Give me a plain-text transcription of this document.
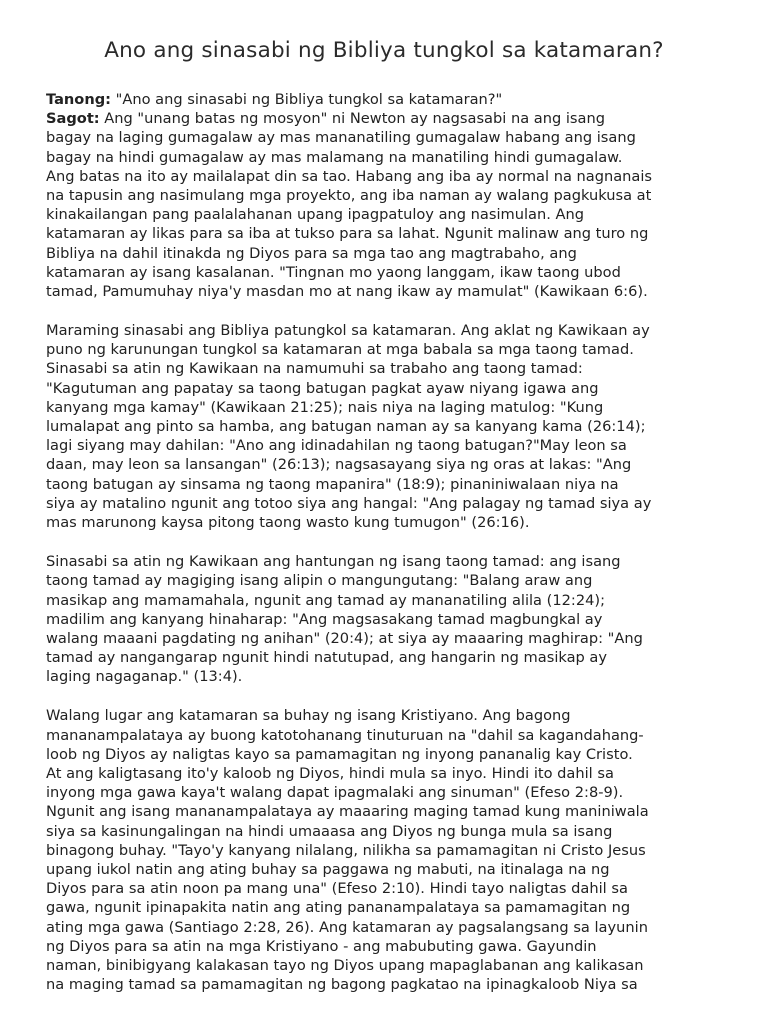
Ano ang sinasabi ng Bibliya tungkol sa katamaran?
Tanong: "Ano ang sinasabi ng Bibliya tungkol sa katamaran?"
Sagot: Ang "unang batas ng mosyon" ni Newton ay nagsasabi na ang isang
bagay na laging gumagalaw ay mas mananatiling gumagalaw habang ang isang
bagay na hindi gumagalaw ay mas malamang na manatiling hindi gumagalaw.
Ang batas na ito ay mailalapat din sa tao. Habang ang iba ay normal na nagnanais
na tapusin ang nasimulang mga proyekto, ang iba naman ay walang pagkukusa at
kinakailangan pang paalalahanan upang ipagpatuloy ang nasimulan. Ang
katamaran ay likas para sa iba at tukso para sa lahat. Ngunit malinaw ang turo ng
Bibliya na dahil itinakda ng Diyos para sa mga tao ang magtrabaho, ang
katamaran ay isang kasalanan. "Tingnan mo yaong langgam, ikaw taong ubod
tamad, Pamumuhay niya'y masdan mo at nang ikaw ay mamulat" (Kawikaan 6:6).
Maraming sinasabi ang Bibliya patungkol sa katamaran. Ang aklat ng Kawikaan ay
puno ng karunungan tungkol sa katamaran at mga babala sa mga taong tamad.
Sinasabi sa atin ng Kawikaan na namumuhi sa trabaho ang taong tamad:
"Kagutuman ang papatay sa taong batugan pagkat ayaw niyang igawa ang
kanyang mga kamay" (Kawikaan 21:25); nais niya na laging matulog: "Kung
lumalapat ang pinto sa hamba, ang batugan naman ay sa kanyang kama (26:14);
lagi siyang may dahilan: "Ano ang idinadahilan ng taong batugan?"May leon sa
daan, may leon sa lansangan" (26:13); nagsasayang siya ng oras at lakas: "Ang
taong batugan ay sinsama ng taong mapanira" (18:9); pinaniniwalaan niya na
siya ay matalino ngunit ang totoo siya ang hangal: "Ang palagay ng tamad siya ay
mas marunong kaysa pitong taong wasto kung tumugon" (26:16).
Sinasabi sa atin ng Kawikaan ang hantungan ng isang taong tamad: ang isang
taong tamad ay magiging isang alipin o mangungutang: "Balang araw ang
masikap ang mamamahala, ngunit ang tamad ay mananatiling alila (12:24);
madilim ang kanyang hinaharap: "Ang magsasakang tamad magbungkal ay
walang maaani pagdating ng anihan" (20:4); at siya ay maaaring maghirap: "Ang
tamad ay nangangarap ngunit hindi natutupad, ang hangarin ng masikap ay
laging nagaganap." (13:4).
Walang lugar ang katamaran sa buhay ng isang Kristiyano. Ang bagong
mananampalataya ay buong katotohanang tinuturuan na "dahil sa kagandahang-
loob ng Diyos ay naligtas kayo sa pamamagitan ng inyong pananalig kay Cristo.
At ang kaligtasang ito'y kaloob ng Diyos, hindi mula sa inyo. Hindi ito dahil sa
inyong mga gawa kaya't walang dapat ipagmalaki ang sinuman" (Efeso 2:8-9).
Ngunit ang isang mananampalataya ay maaaring maging tamad kung maniniwala
siya sa kasinungalingan na hindi umaaasa ang Diyos ng bunga mula sa isang
binagong buhay. "Tayo'y kanyang nilalang, nilikha sa pamamagitan ni Cristo Jesus
upang iukol natin ang ating buhay sa paggawa ng mabuti, na itinalaga na ng
Diyos para sa atin noon pa mang una" (Efeso 2:10). Hindi tayo naligtas dahil sa
gawa, ngunit ipinapakita natin ang ating pananampalataya sa pamamagitan ng
ating mga gawa (Santiago 2:28, 26). Ang katamaran ay pagsalangsang sa layunin
ng Diyos para sa atin na mga Kristiyano - ang mabubuting gawa. Gayundin
naman, binibigyang kalakasan tayo ng Diyos upang mapaglabanan ang kalikasan
na maging tamad sa pamamagitan ng bagong pagkatao na ipinagkaloob Niya sa
